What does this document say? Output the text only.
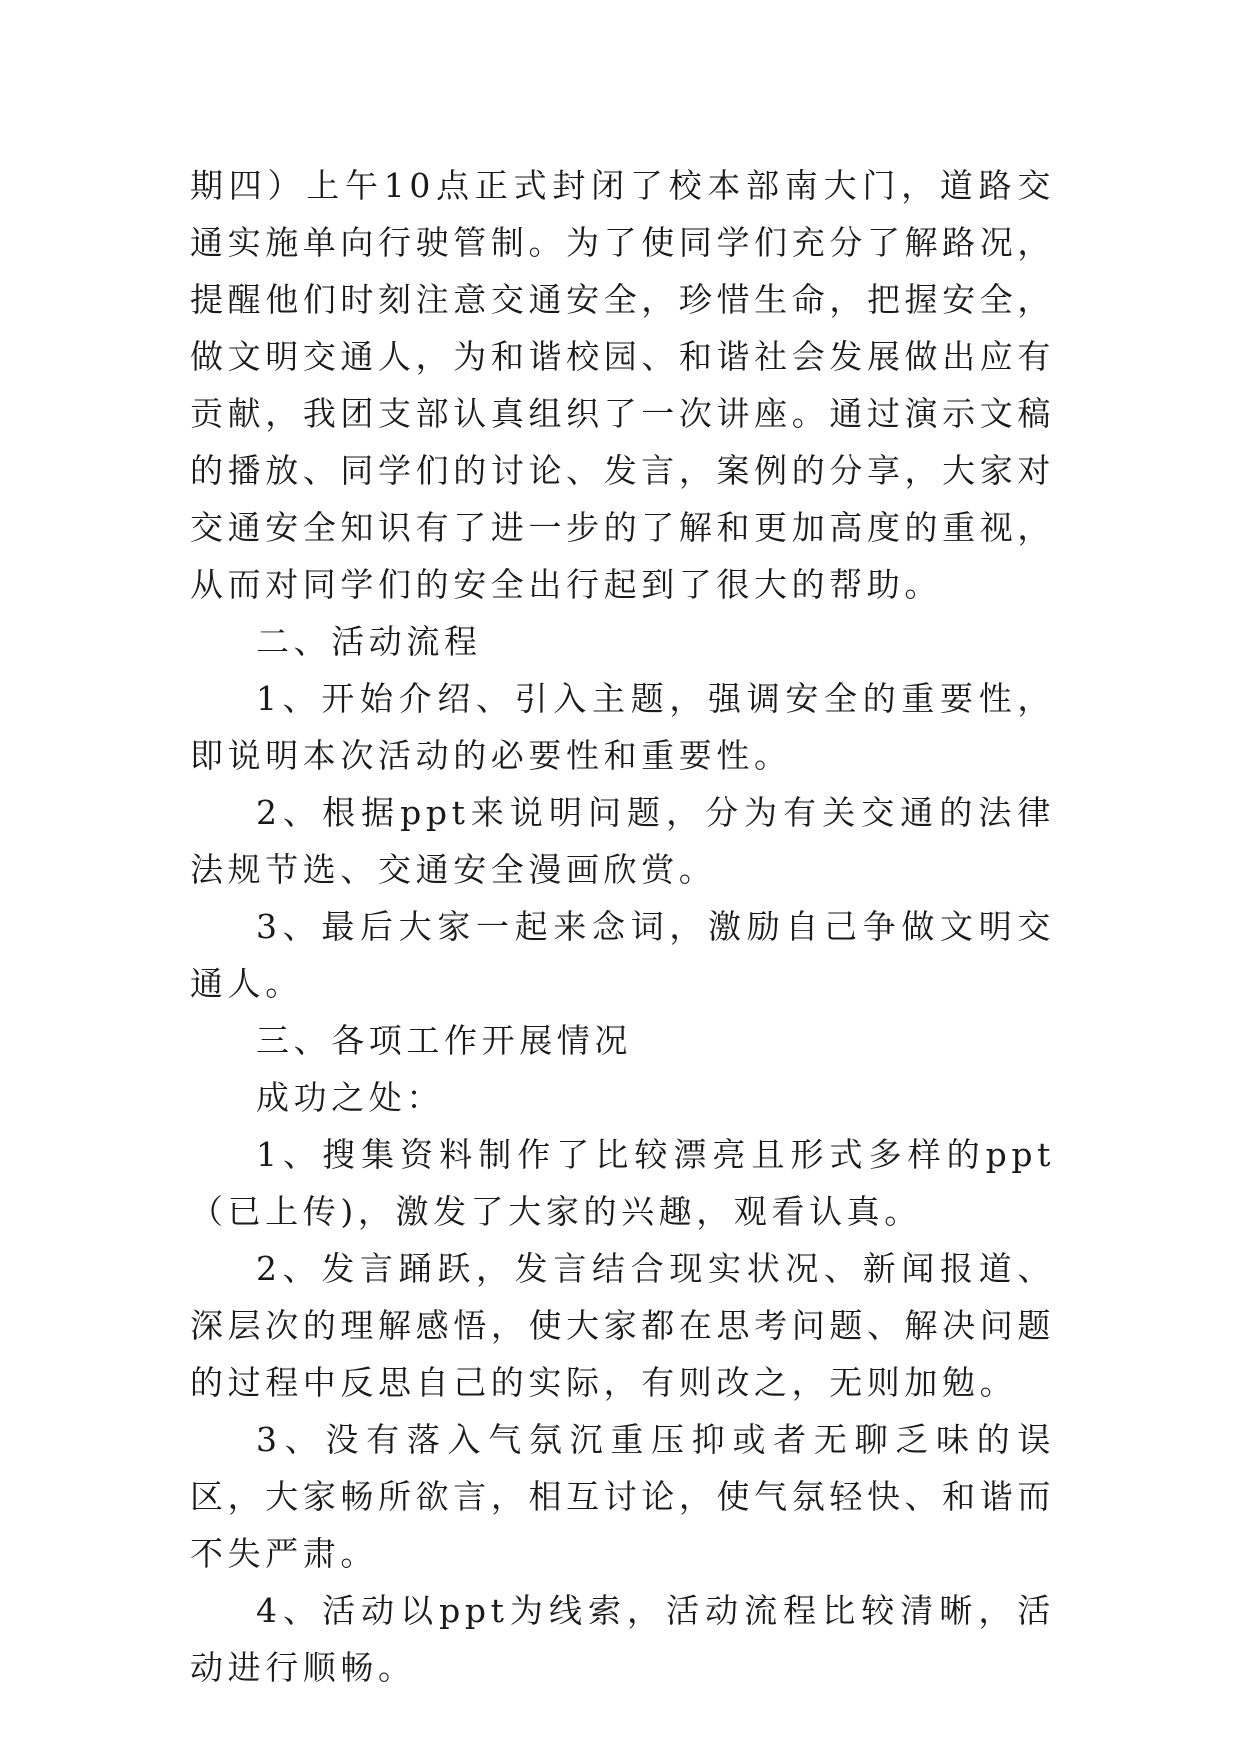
期四）上午10点正式封闭了校本部南大门，道路交通实施单向行驶管制。为了使同学们充分了解路况，提醒他们时刻注意交通安全，珍惜生命，把握安全，做文明交通人，为和谐校园、和谐社会发展做出应有贡献，我团支部认真组织了一次讲座。通过演示文稿的播放、同学们的讨论、发言，案例的分享，大家对交通安全知识有了进一步的了解和更加高度的重视，从而对同学们的安全出行起到了很大的帮助。

二、活动流程

1、开始介绍、引入主题，强调安全的重要性，即说明本次活动的必要性和重要性。

2、根据ppt来说明问题，分为有关交通的法律法规节选、交通安全漫画欣赏。

3、最后大家一起来念词，激励自己争做文明交通人。

三、各项工作开展情况

成功之处：

1、搜集资料制作了比较漂亮且形式多样的ppt（已上传)，激发了大家的兴趣，观看认真。

2、发言踊跃，发言结合现实状况、新闻报道、深层次的理解感悟，使大家都在思考问题、解决问题的过程中反思自己的实际，有则改之，无则加勉。

3、没有落入气氛沉重压抑或者无聊乏味的误区，大家畅所欲言，相互讨论，使气氛轻快、和谐而不失严肃。

4、活动以ppt为线索，活动流程比较清晰，活动进行顺畅。
